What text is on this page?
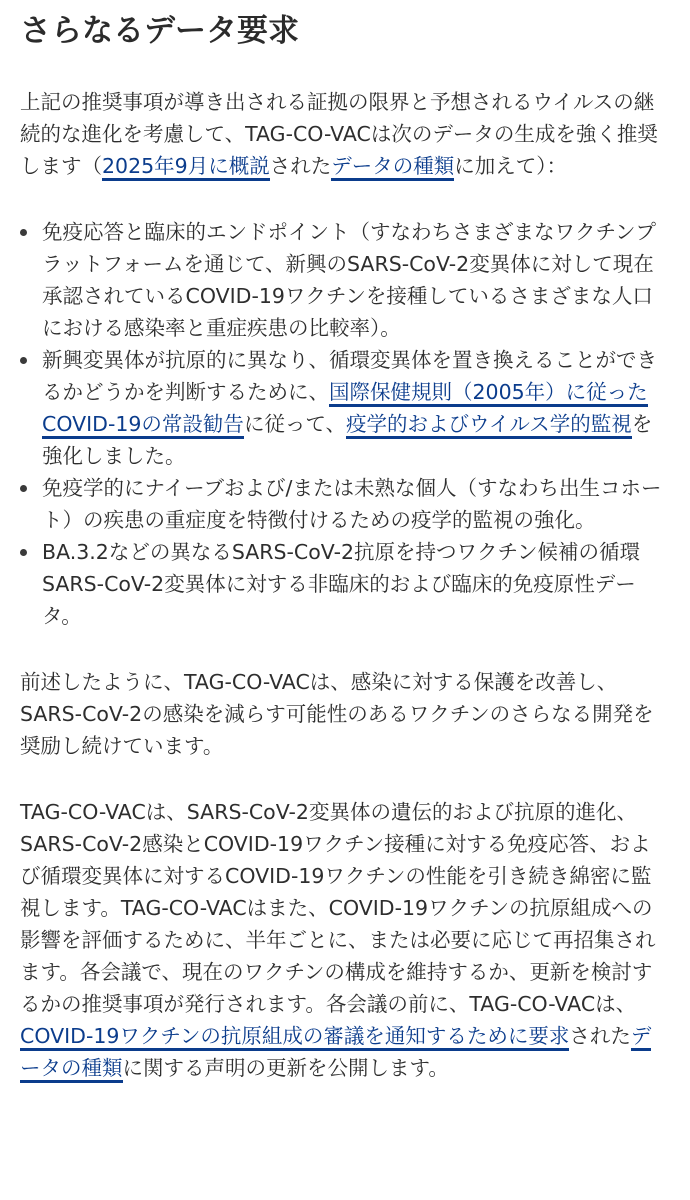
さらなるデータ要求

上記の推奨事項が導き出される証拠の限界と予想されるウイルスの継続的な進化を考慮して、TAG-CO-VACは次のデータの生成を強く推奨します（2025年9月に概説されたデータの種類に加えて）：

免疫応答と臨床的エンドポイント（すなわちさまざまなワクチンプラットフォームを通じて、新興のSARS-CoV-2変異体に対して現在承認されているCOVID-19ワクチンを接種しているさまざまな人口における感染率と重症疾患の比較率）。
新興変異体が抗原的に異なり、循環変異体を置き換えることができるかどうかを判断するために、国際保健規則（2005年）に従ったCOVID-19の常設勧告に従って、疫学的およびウイルス学的監視を強化しました。
免疫学的にナイーブおよび/または未熟な個人（すなわち出生コホート）の疾患の重症度を特徴付けるための疫学的監視の強化。
BA.3.2などの異なるSARS-CoV-2抗原を持つワクチン候補の循環SARS-CoV-2変異体に対する非臨床的および臨床的免疫原性データ。

前述したように、TAG-CO-VACは、感染に対する保護を改善し、SARS-CoV-2の感染を減らす可能性のあるワクチンのさらなる開発を奨励し続けています。

TAG-CO-VACは、SARS-CoV-2変異体の遺伝的および抗原的進化、SARS-CoV-2感染とCOVID-19ワクチン接種に対する免疫応答、および循環変異体に対するCOVID-19ワクチンの性能を引き続き綿密に監視します。TAG-CO-VACはまた、COVID-19ワクチンの抗原組成への影響を評価するために、半年ごとに、または必要に応じて再招集されます。各会議で、現在のワクチンの構成を維持するか、更新を検討するかの推奨事項が発行されます。各会議の前に、TAG-CO-VACは、COVID-19ワクチンの抗原組成の審議を通知するために要求されたデータの種類に関する声明の更新を公開します。
